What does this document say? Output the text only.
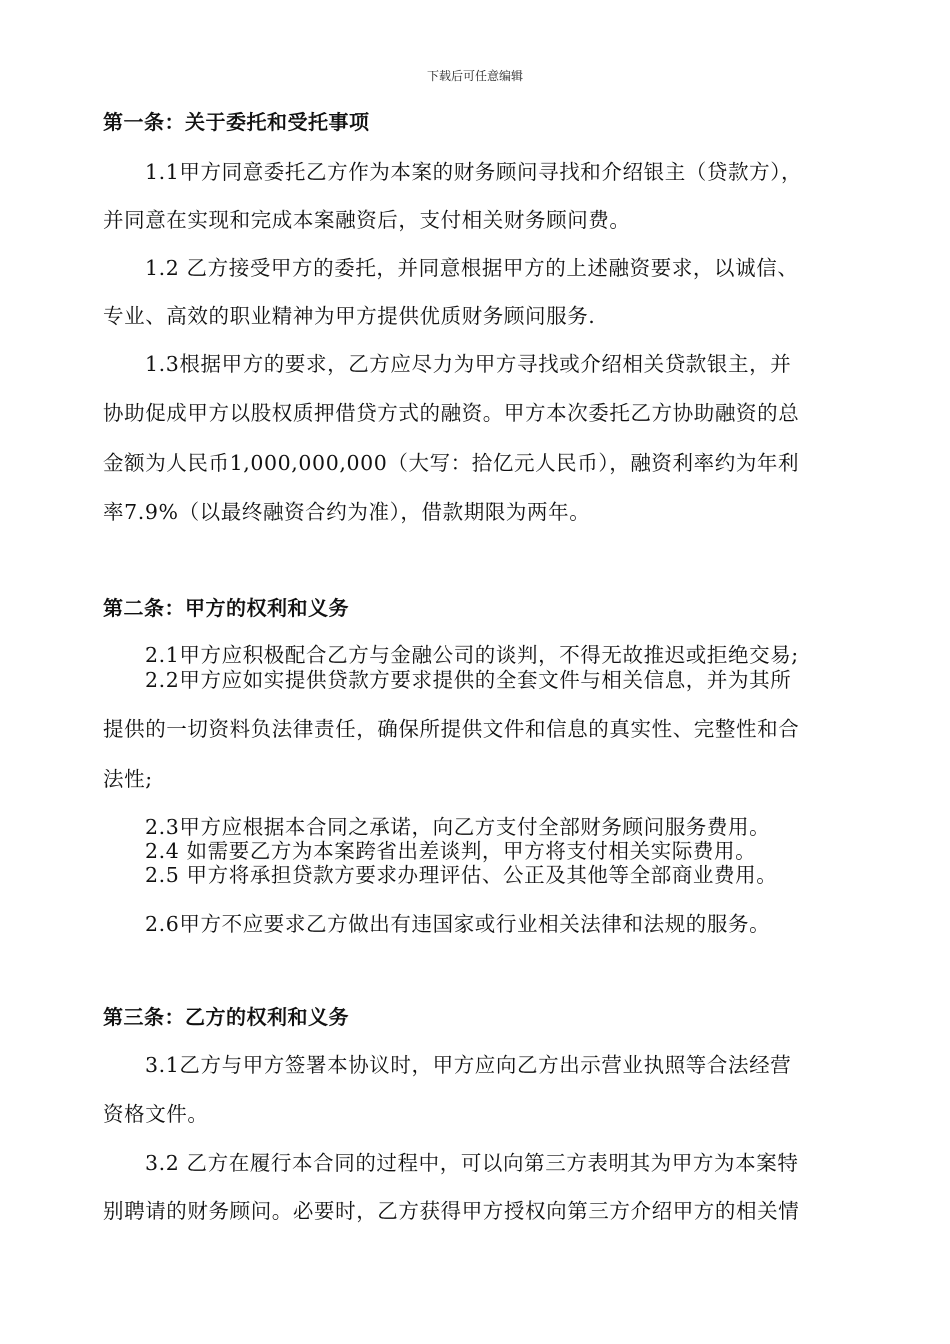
下载后可任意编辑
第一条：关于委托和受托事项
1.1甲方同意委托乙方作为本案的财务顾问寻找和介绍银主（贷款方），
并同意在实现和完成本案融资后，支付相关财务顾问费。
1.2 乙方接受甲方的委托，并同意根据甲方的上述融资要求，以诚信、
专业、高效的职业精神为甲方提供优质财务顾问服务.
1.3根据甲方的要求，乙方应尽力为甲方寻找或介绍相关贷款银主，并
协助促成甲方以股权质押借贷方式的融资。甲方本次委托乙方协助融资的总
金额为人民币1,000,000,000（大写：拾亿元人民币），融资利率约为年利
率7.9%（以最终融资合约为准），借款期限为两年。
第二条：甲方的权利和义务
2.1甲方应积极配合乙方与金融公司的谈判，不得无故推迟或拒绝交易;
2.2甲方应如实提供贷款方要求提供的全套文件与相关信息，并为其所
提供的一切资料负法律责任，确保所提供文件和信息的真实性、完整性和合
法性;
2.3甲方应根据本合同之承诺，向乙方支付全部财务顾问服务费用。
2.4 如需要乙方为本案跨省出差谈判，甲方将支付相关实际费用。
2.5 甲方将承担贷款方要求办理评估、公正及其他等全部商业费用。
2.6甲方不应要求乙方做出有违国家或行业相关法律和法规的服务。
第三条：乙方的权利和义务
3.1乙方与甲方签署本协议时，甲方应向乙方出示营业执照等合法经营
资格文件。
3.2 乙方在履行本合同的过程中，可以向第三方表明其为甲方为本案特
别聘请的财务顾问。必要时，乙方获得甲方授权向第三方介绍甲方的相关情
